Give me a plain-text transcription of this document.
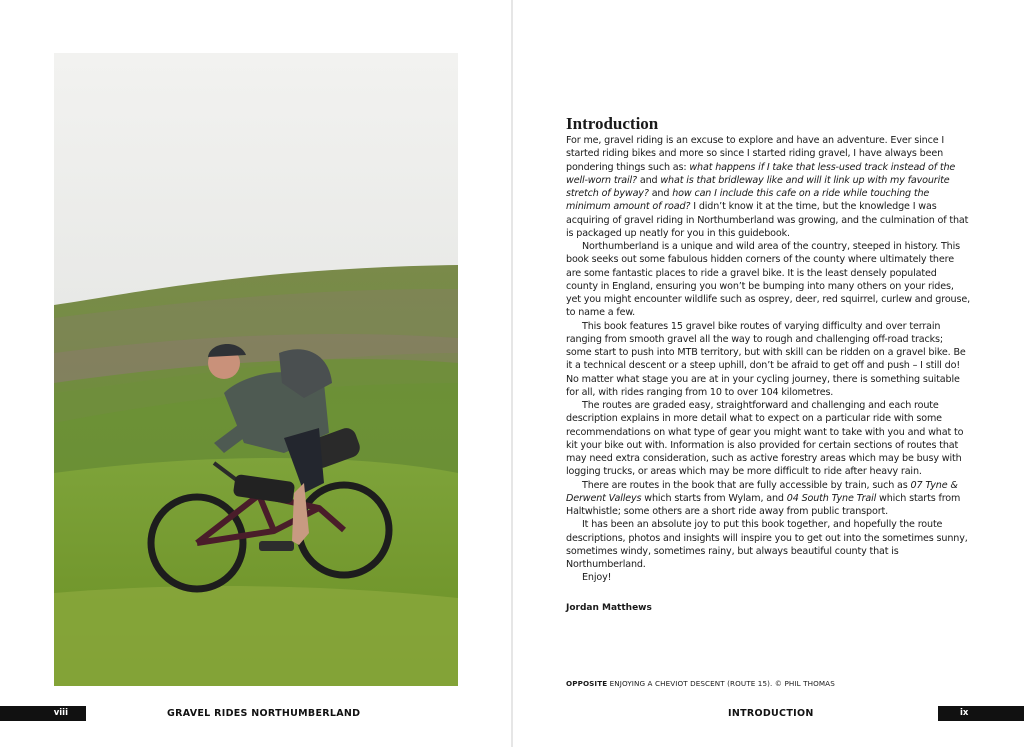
Introduction

For me, gravel riding is an excuse to explore and have an adventure. Ever since I started riding bikes and more so since I started riding gravel, I have always been pondering things such as: what happens if I take that less-used track instead of the well-worn trail? and what is that bridleway like and will it link up with my favourite stretch of byway? and how can I include this cafe on a ride while touching the minimum amount of road? I didn’t know it at the time, but the knowledge I was acquiring of gravel riding in Northumberland was growing, and the culmination of that is packaged up neatly for you in this guidebook.

Northumberland is a unique and wild area of the country, steeped in history. This book seeks out some fabulous hidden corners of the county where ultimately there are some fantastic places to ride a gravel bike. It is the least densely populated county in England, ensuring you won’t be bumping into many others on your rides, yet you might encounter wildlife such as osprey, deer, red squirrel, curlew and grouse, to name a few.

This book features 15 gravel bike routes of varying difficulty and over terrain ranging from smooth gravel all the way to rough and challenging off-road tracks; some start to push into MTB territory, but with skill can be ridden on a gravel bike. Be it a technical descent or a steep uphill, don’t be afraid to get off and push – I still do! No matter what stage you are at in your cycling journey, there is something suitable for all, with rides ranging from 10 to over 104 kilometres.

The routes are graded easy, straightforward and challenging and each route description explains in more detail what to expect on a particular ride with some recommendations on what type of gear you might want to take with you and what to kit your bike out with. Information is also provided for certain sections of routes that may need extra consideration, such as active forestry areas which may be busy with logging trucks, or areas which may be more difficult to ride after heavy rain.

There are routes in the book that are fully accessible by train, such as 07 Tyne & Derwent Valleys which starts from Wylam, and 04 South Tyne Trail which starts from Haltwhistle; some others are a short ride away from public transport.

It has been an absolute joy to put this book together, and hopefully the route descriptions, photos and insights will inspire you to get out into the sometimes sunny, sometimes windy, sometimes rainy, but always beautiful county that is Northumberland.

Enjoy!

Jordan Matthews
OPPOSITE ENJOYING A CHEVIOT DESCENT (ROUTE 15). © PHIL THOMAS
viii	GRAVEL RIDES NORTHUMBERLAND	INTRODUCTION	ix
